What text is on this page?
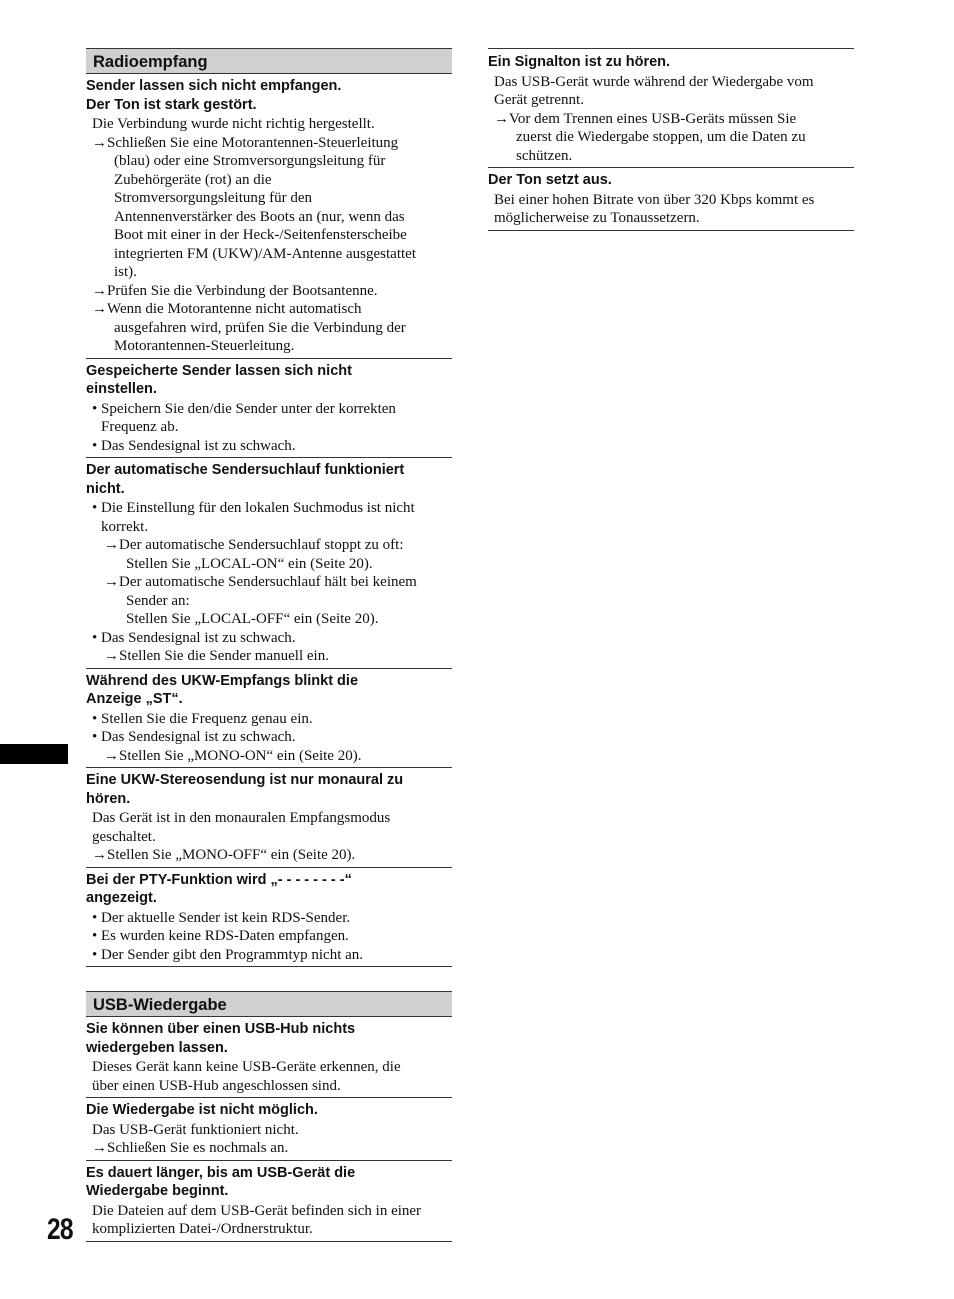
Radioempfang
Sender lassen sich nicht empfangen.
Der Ton ist stark gestört.
Die Verbindung wurde nicht richtig hergestellt.
→Schließen Sie eine Motorantennen-Steuerleitung
(blau) oder eine Stromversorgungsleitung für
Zubehörgeräte (rot) an die
Stromversorgungsleitung für den
Antennenverstärker des Boots an (nur, wenn das
Boot mit einer in der Heck-/Seitenfensterscheibe
integrierten FM (UKW)/AM-Antenne ausgestattet
ist).
→Prüfen Sie die Verbindung der Bootsantenne.
→Wenn die Motorantenne nicht automatisch
ausgefahren wird, prüfen Sie die Verbindung der
Motorantennen-Steuerleitung.
Gespeicherte Sender lassen sich nicht
einstellen.
• Speichern Sie den/die Sender unter der korrekten
Frequenz ab.
• Das Sendesignal ist zu schwach.
Der automatische Sendersuchlauf funktioniert
nicht.
• Die Einstellung für den lokalen Suchmodus ist nicht
korrekt.
→Der automatische Sendersuchlauf stoppt zu oft:
Stellen Sie „LOCAL-ON“ ein (Seite 20).
→Der automatische Sendersuchlauf hält bei keinem
Sender an:
Stellen Sie „LOCAL-OFF“ ein (Seite 20).
• Das Sendesignal ist zu schwach.
→Stellen Sie die Sender manuell ein.
Während des UKW-Empfangs blinkt die
Anzeige „ST“.
• Stellen Sie die Frequenz genau ein.
• Das Sendesignal ist zu schwach.
→Stellen Sie „MONO-ON“ ein (Seite 20).
Eine UKW-Stereosendung ist nur monaural zu
hören.
Das Gerät ist in den monauralen Empfangsmodus
geschaltet.
→Stellen Sie „MONO-OFF“ ein (Seite 20).
Bei der PTY-Funktion wird „- - - - - - - -“
angezeigt.
• Der aktuelle Sender ist kein RDS-Sender.
• Es wurden keine RDS-Daten empfangen.
• Der Sender gibt den Programmtyp nicht an.
USB-Wiedergabe
Sie können über einen USB-Hub nichts
wiedergeben lassen.
Dieses Gerät kann keine USB-Geräte erkennen, die
über einen USB-Hub angeschlossen sind.
Die Wiedergabe ist nicht möglich.
Das USB-Gerät funktioniert nicht.
→Schließen Sie es nochmals an.
Es dauert länger, bis am USB-Gerät die
Wiedergabe beginnt.
Die Dateien auf dem USB-Gerät befinden sich in einer
komplizierten Datei-/Ordnerstruktur.
Ein Signalton ist zu hören.
Das USB-Gerät wurde während der Wiedergabe vom
Gerät getrennt.
→Vor dem Trennen eines USB-Geräts müssen Sie
zuerst die Wiedergabe stoppen, um die Daten zu
schützen.
Der Ton setzt aus.
Bei einer hohen Bitrate von über 320 Kbps kommt es
möglicherweise zu Tonaussetzern.
28
